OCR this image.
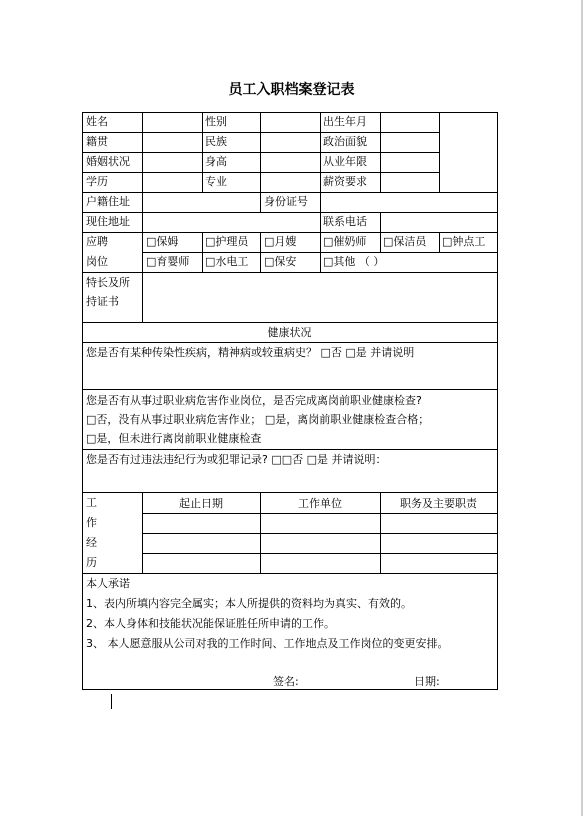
员工入职档案登记表
姓名	性别	出生年月
籍贯	民族	政治面貌
婚姻状况	身高	从业年限
学历	专业	薪资要求
户籍住址	身份证号
现住地址	联系电话
应聘
岗位
□保姆 □护理员 □月嫂 □催奶师 □保洁员 □钟点工
□育婴师 □水电工 □保安 □其他 （ ）
特长及所
持证书
健康状况
您是否有某种传染性疾病，精神病或较重病史？ □否 □是 并请说明
您是否有从事过职业病危害作业岗位，是否完成离岗前职业健康检查?
□否，没有从事过职业病危害作业； □是，离岗前职业健康检查合格；
□是，但未进行离岗前职业健康检查
您是否有过违法违纪行为或犯罪记录? □□否 □是 并请说明：
工
作
经
历
起止日期	工作单位	职务及主要职责
本人承诺
1、表内所填内容完全属实；本人所提供的资料均为真实、有效的。
2、本人身体和技能状况能保证胜任所申请的工作。
3、 本人愿意服从公司对我的工作时间、工作地点及工作岗位的变更安排。
签名:	日期:
